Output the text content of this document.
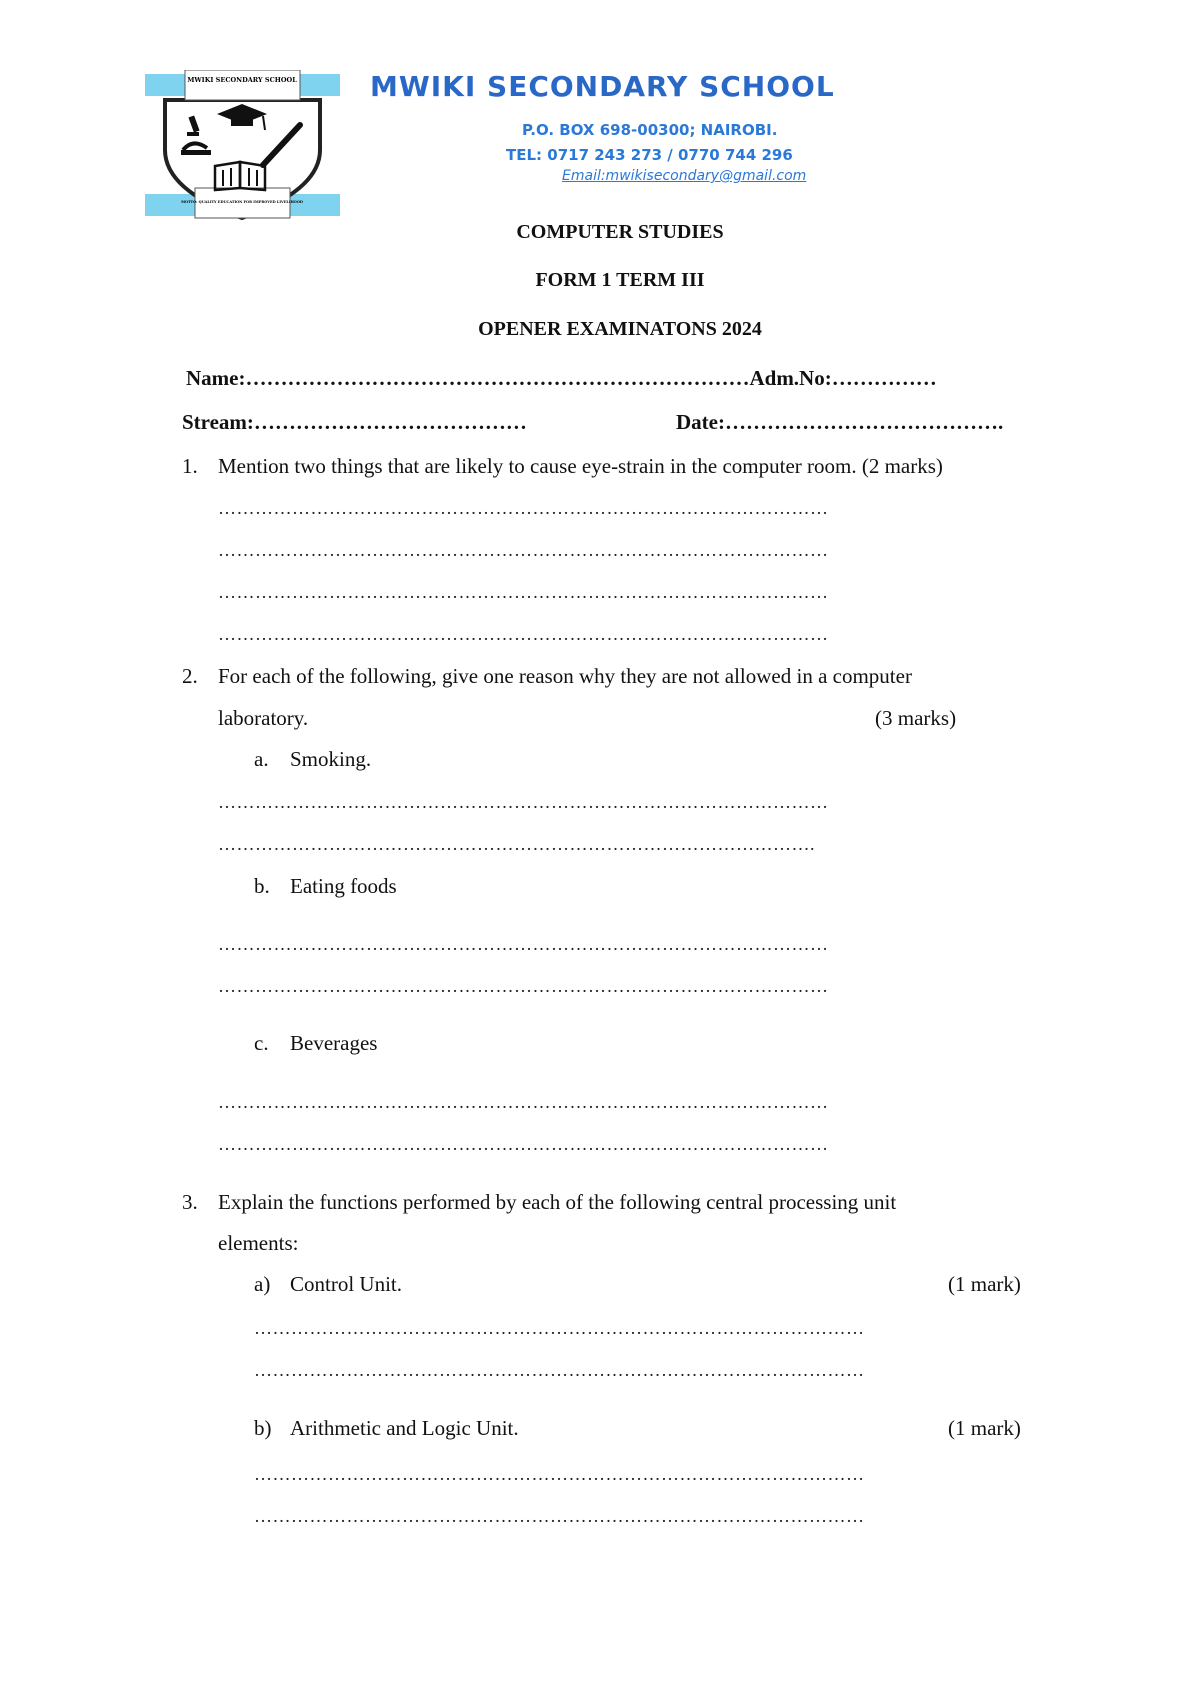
MWIKI SECONDARY SCHOOL
MOTTO: QUALITY EDUCATION FOR IMPROVED LIVELIHOOD
MWIKI SECONDARY SCHOOL
P.O. BOX 698-00300; NAIROBI.
TEL: 0717 243 273 / 0770 744 296
Email:mwikisecondary@gmail.com
COMPUTER STUDIES
FORM 1 TERM III
OPENER EXAMINATONS 2024
Name:………………………………………………………………Adm.No:……………
Stream:…………………………………	Date:………………………………….
1. Mention two things that are likely to cause eye-strain in the computer room. (2 marks)
………………………………………………………………………………………
………………………………………………………………………………………
………………………………………………………………………………………
………………………………………………………………………………………
2. For each of the following, give one reason why they are not allowed in a computer
laboratory.	(3 marks)
a. Smoking.
………………………………………………………………………………………
…………………………………………………………………………………….
b. Eating foods
………………………………………………………………………………………
………………………………………………………………………………………
c. Beverages
………………………………………………………………………………………
………………………………………………………………………………………
3. Explain the functions performed by each of the following central processing unit
elements:
a) Control Unit.	(1 mark)
………………………………………………………………………………………
………………………………………………………………………………………
b) Arithmetic and Logic Unit.	(1 mark)
………………………………………………………………………………………
………………………………………………………………………………………
